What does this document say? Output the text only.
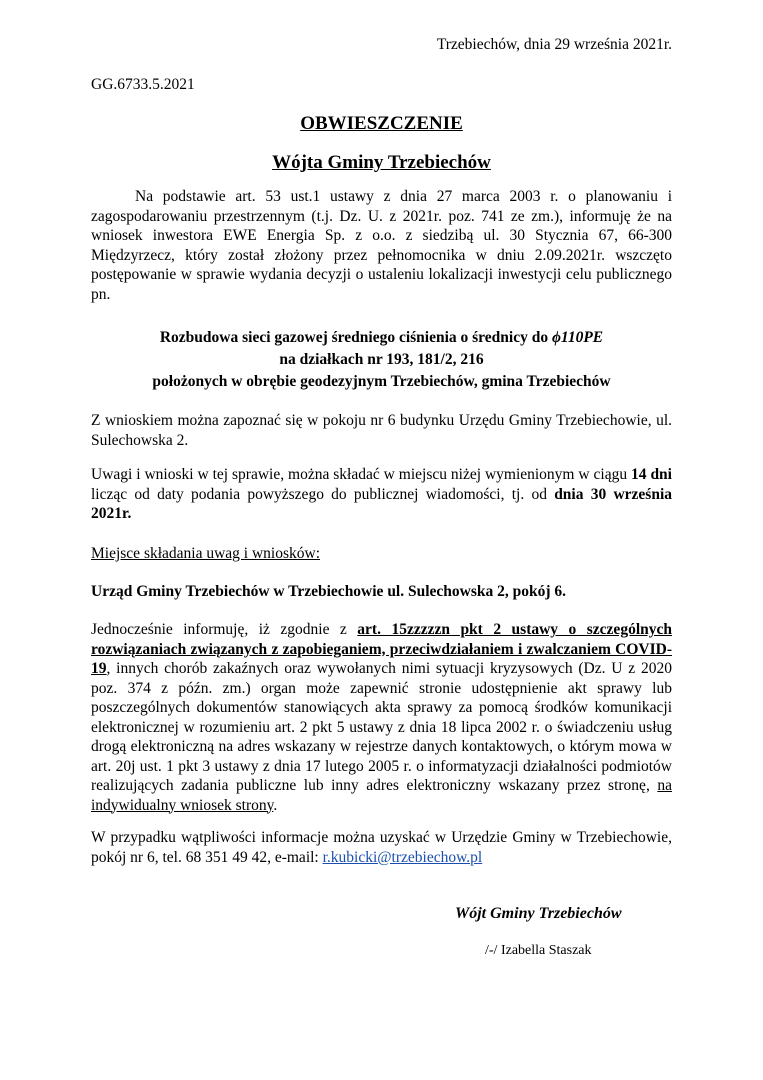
Trzebiechów, dnia 29 września 2021r.
GG.6733.5.2021
OBWIESZCZENIE
Wójta Gminy Trzebiechów
Na podstawie art. 53 ust.1 ustawy z dnia 27 marca 2003 r. o planowaniu i zagospodarowaniu przestrzennym (t.j. Dz. U. z 2021r. poz. 741 ze zm.), informuję że na wniosek inwestora EWE Energia Sp. z o.o. z siedzibą ul. 30 Stycznia 67, 66-300 Międzyrzecz, który został złożony przez pełnomocnika w dniu 2.09.2021r. wszczęto postępowanie w sprawie wydania decyzji o ustaleniu lokalizacji inwestycji celu publicznego pn.
Rozbudowa sieci gazowej średniego ciśnienia o średnicy do ϕ110PE
na działkach nr 193, 181/2, 216
położonych w obrębie geodezyjnym Trzebiechów, gmina Trzebiechów
Z wnioskiem można zapoznać się w pokoju nr 6 budynku Urzędu Gminy Trzebiechowie, ul. Sulechowska 2.
Uwagi i wnioski w tej sprawie, można składać w miejscu niżej wymienionym w ciągu 14 dni licząc od daty podania powyższego do publicznej wiadomości, tj. od dnia 30 września 2021r.
Miejsce składania uwag i wniosków:
Urząd Gminy Trzebiechów w Trzebiechowie ul. Sulechowska 2, pokój 6.
Jednocześnie informuję, iż zgodnie z art. 15zzzzzn pkt 2 ustawy o szczególnych rozwiązaniach związanych z zapobieganiem, przeciwdziałaniem i zwalczaniem COVID-19, innych chorób zakaźnych oraz wywołanych nimi sytuacji kryzysowych (Dz. U z 2020 poz. 374 z późn. zm.) organ może zapewnić stronie udostępnienie akt sprawy lub poszczególnych dokumentów stanowiących akta sprawy za pomocą środków komunikacji elektronicznej w rozumieniu art. 2 pkt 5 ustawy z dnia 18 lipca 2002 r. o świadczeniu usług drogą elektroniczną na adres wskazany w rejestrze danych kontaktowych, o którym mowa w art. 20j ust. 1 pkt 3 ustawy z dnia 17 lutego 2005 r. o informatyzacji działalności podmiotów realizujących zadania publiczne lub inny adres elektroniczny wskazany przez stronę, na indywidualny wniosek strony.
W przypadku wątpliwości informacje można uzyskać w Urzędzie Gminy w Trzebiechowie, pokój nr 6, tel. 68 351 49 42, e-mail: r.kubicki@trzebiechow.pl
Wójt Gminy Trzebiechów
/-/ Izabella Staszak
